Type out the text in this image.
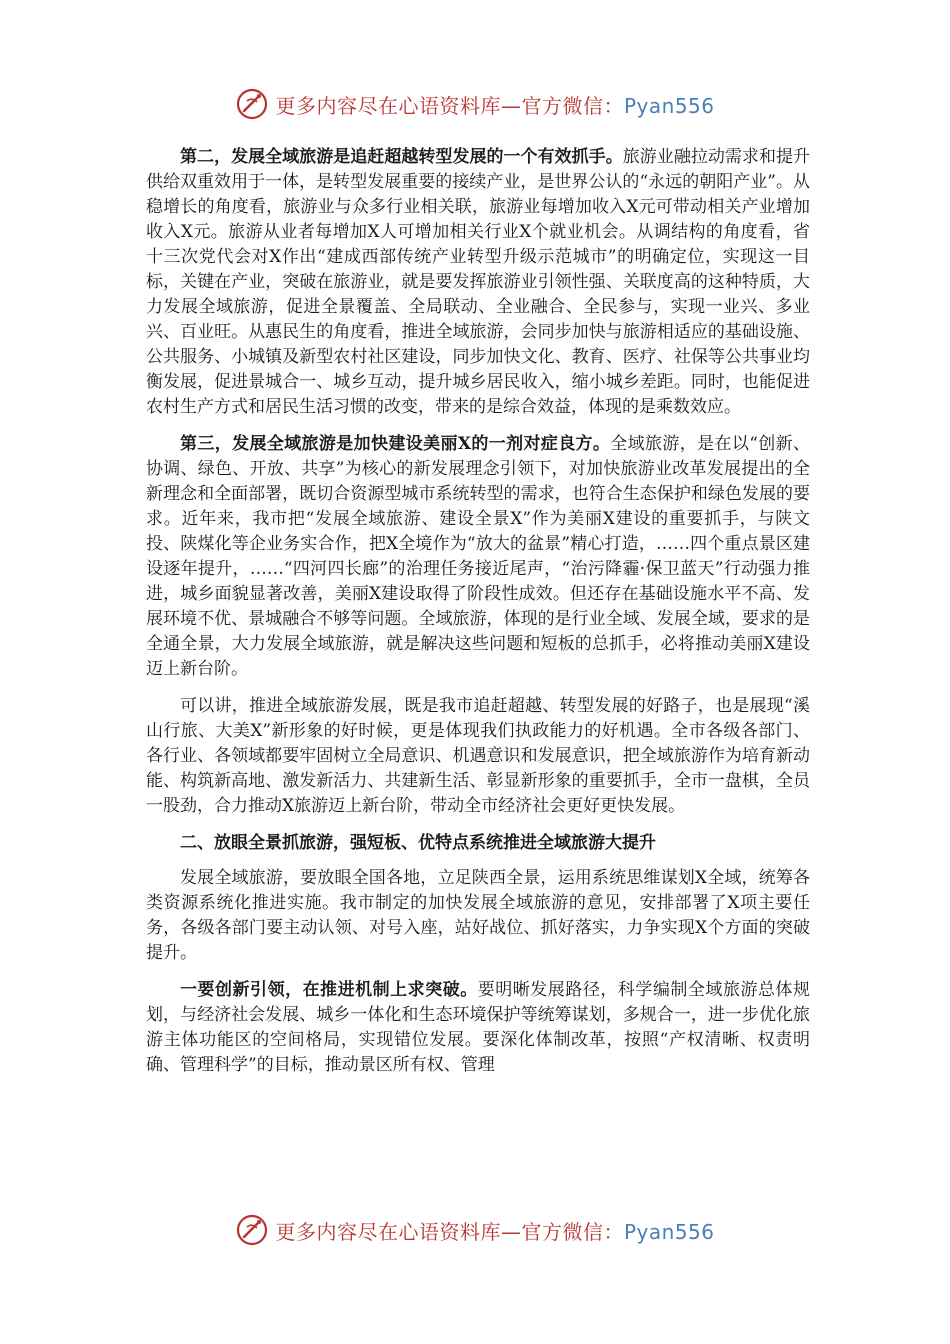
更多内容尽在心语资料库—官方微信：Pyan556

第二，发展全域旅游是追赶超越转型发展的一个有效抓手。旅游业融拉动需求和提升供给双重效用于一体，是转型发展重要的接续产业，是世界公认的“永远的朝阳产业”。从稳增长的角度看，旅游业与众多行业相关联，旅游业每增加收入X元可带动相关产业增加收入X元。旅游从业者每增加X人可增加相关行业X个就业机会。从调结构的角度看，省十三次党代会对X作出“建成西部传统产业转型升级示范城市”的明确定位，实现这一目标，关键在产业，突破在旅游业，就是要发挥旅游业引领性强、关联度高的这种特质，大力发展全域旅游，促进全景覆盖、全局联动、全业融合、全民参与，实现一业兴、多业兴、百业旺。从惠民生的角度看，推进全域旅游，会同步加快与旅游相适应的基础设施、公共服务、小城镇及新型农村社区建设，同步加快文化、教育、医疗、社保等公共事业均衡发展，促进景城合一、城乡互动，提升城乡居民收入，缩小城乡差距。同时，也能促进农村生产方式和居民生活习惯的改变，带来的是综合效益，体现的是乘数效应。

第三，发展全域旅游是加快建设美丽X的一剂对症良方。全域旅游，是在以“创新、协调、绿色、开放、共享”为核心的新发展理念引领下，对加快旅游业改革发展提出的全新理念和全面部署，既切合资源型城市系统转型的需求，也符合生态保护和绿色发展的要求。近年来，我市把“发展全域旅游、建设全景X”作为美丽X建设的重要抓手，与陕文投、陕煤化等企业务实合作，把X全境作为“放大的盆景”精心打造，……四个重点景区建设逐年提升，……“四河四长廊”的治理任务接近尾声，“治污降霾·保卫蓝天”行动强力推进，城乡面貌显著改善，美丽X建设取得了阶段性成效。但还存在基础设施水平不高、发展环境不优、景城融合不够等问题。全域旅游，体现的是行业全域、发展全域，要求的是全通全景，大力发展全域旅游，就是解决这些问题和短板的总抓手，必将推动美丽X建设迈上新台阶。

可以讲，推进全域旅游发展，既是我市追赶超越、转型发展的好路子，也是展现“溪山行旅、大美X”新形象的好时候，更是体现我们执政能力的好机遇。全市各级各部门、各行业、各领域都要牢固树立全局意识、机遇意识和发展意识，把全域旅游作为培育新动能、构筑新高地、激发新活力、共建新生活、彰显新形象的重要抓手，全市一盘棋，全员一股劲，合力推动X旅游迈上新台阶，带动全市经济社会更好更快发展。

二、放眼全景抓旅游，强短板、优特点系统推进全域旅游大提升

发展全域旅游，要放眼全国各地，立足陕西全景，运用系统思维谋划X全域，统筹各类资源系统化推进实施。我市制定的加快发展全域旅游的意见，安排部署了X项主要任务，各级各部门要主动认领、对号入座，站好战位、抓好落实，力争实现X个方面的突破提升。

一要创新引领，在推进机制上求突破。要明晰发展路径，科学编制全域旅游总体规划，与经济社会发展、城乡一体化和生态环境保护等统筹谋划，多规合一，进一步优化旅游主体功能区的空间格局，实现错位发展。要深化体制改革，按照“产权清晰、权责明确、管理科学”的目标，推动景区所有权、管理

更多内容尽在心语资料库—官方微信：Pyan556
